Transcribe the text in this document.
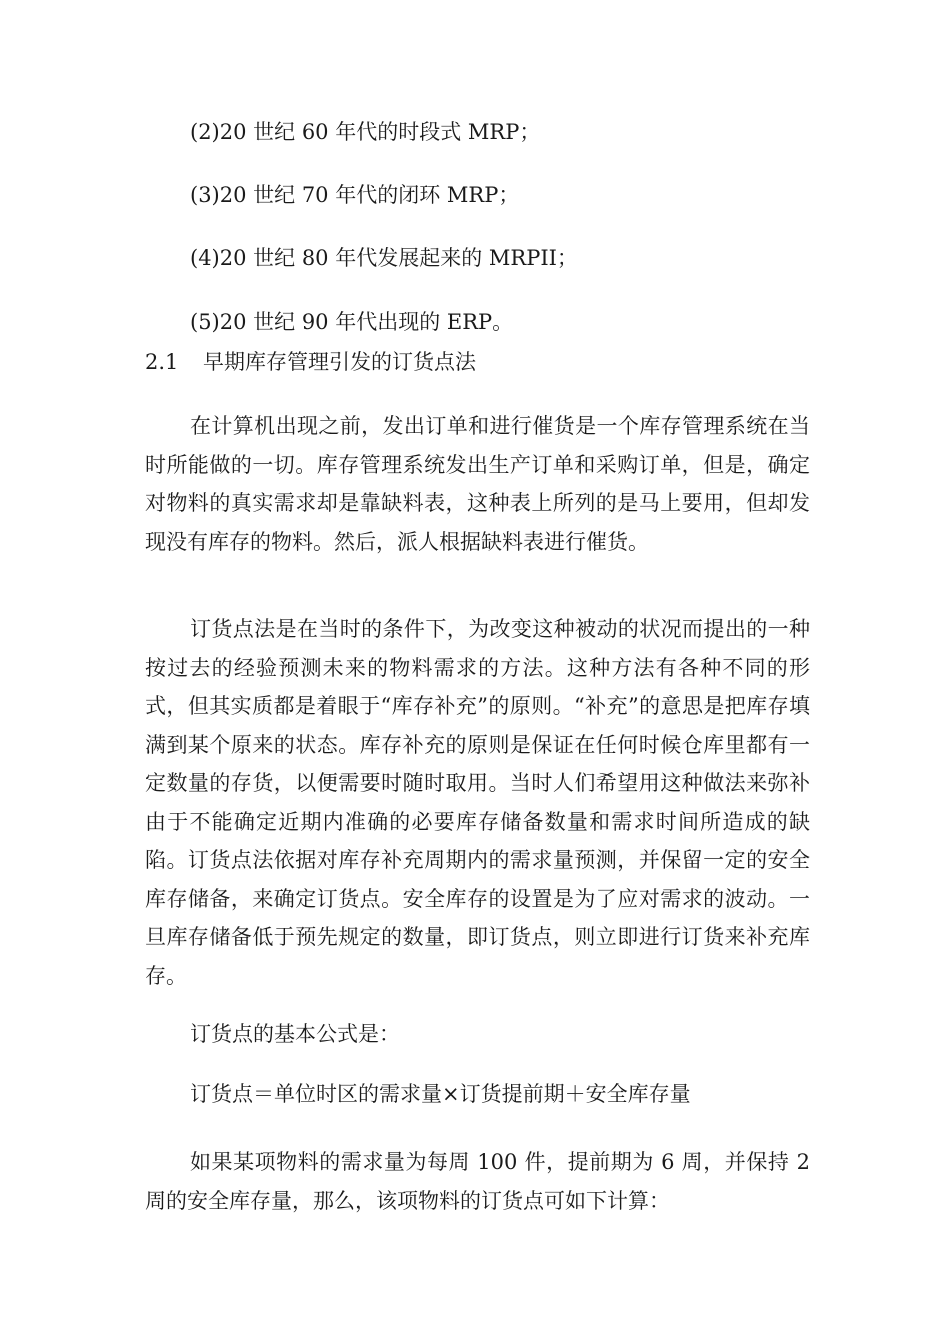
(2)20 世纪 60 年代的时段式 MRP；
(3)20 世纪 70 年代的闭环 MRP；
(4)20 世纪 80 年代发展起来的 MRPII；
(5)20 世纪 90 年代出现的 ERP。
2.1 早期库存管理引发的订货点法

在计算机出现之前，发出订单和进行催货是一个库存管理系统在当时所能做的一切。库存管理系统发出生产订单和采购订单，但是，确定对物料的真实需求却是靠缺料表，这种表上所列的是马上要用，但却发现没有库存的物料。然后，派人根据缺料表进行催货。

订货点法是在当时的条件下，为改变这种被动的状况而提出的一种按过去的经验预测未来的物料需求的方法。这种方法有各种不同的形式，但其实质都是着眼于“库存补充”的原则。“补充”的意思是把库存填满到某个原来的状态。库存补充的原则是保证在任何时候仓库里都有一定数量的存货，以便需要时随时取用。当时人们希望用这种做法来弥补由于不能确定近期内准确的必要库存储备数量和需求时间所造成的缺陷。订货点法依据对库存补充周期内的需求量预测，并保留一定的安全库存储备，来确定订货点。安全库存的设置是为了应对需求的波动。一旦库存储备低于预先规定的数量，即订货点，则立即进行订货来补充库存。

订货点的基本公式是：
订货点＝单位时区的需求量×订货提前期＋安全库存量

如果某项物料的需求量为每周 100 件，提前期为 6 周，并保持 2 周的安全库存量，那么，该项物料的订货点可如下计算：
